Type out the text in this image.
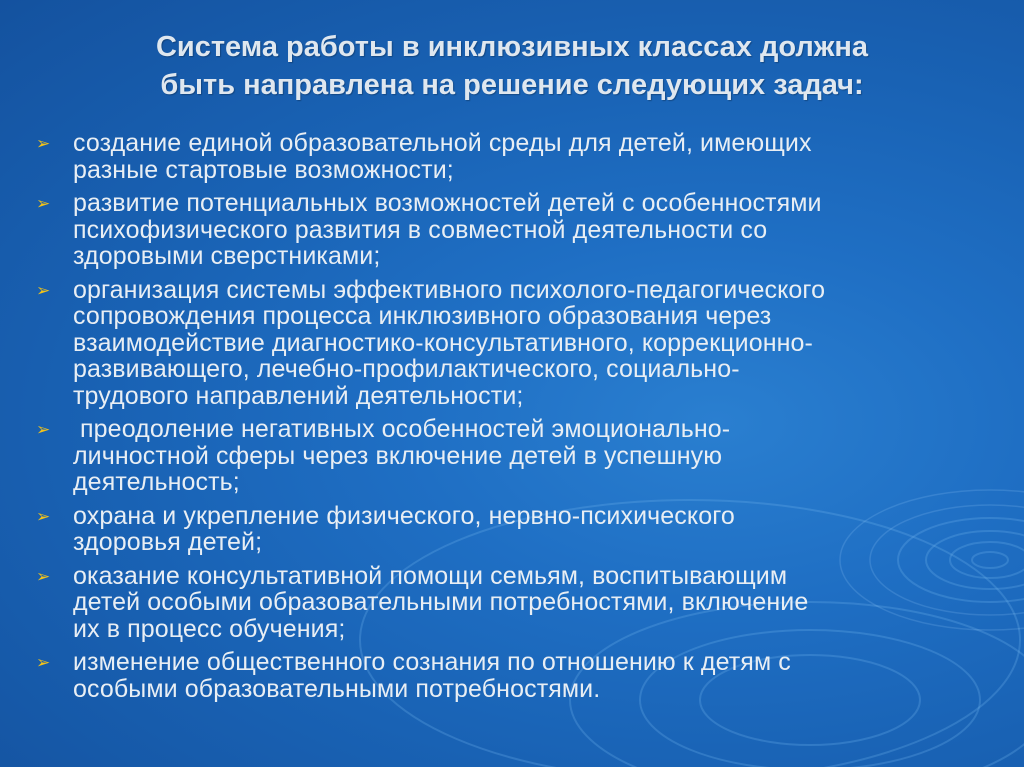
Система работы в инклюзивных классах должна
быть направлена на решение следующих задач:
➢ создание единой образовательной среды для детей, имеющих
разные стартовые возможности;
➢ развитие потенциальных возможностей детей с особенностями
психофизического развития в совместной деятельности со
здоровыми сверстниками;
➢ организация системы эффективного психолого-педагогического
сопровождения процесса инклюзивного образования через
взаимодействие диагностико-консультативного, коррекционно-
развивающего, лечебно-профилактического, социально-
трудового направлений деятельности;
➢ преодоление негативных особенностей эмоционально-
личностной сферы через включение детей в успешную
деятельность;
➢ охрана и укрепление физического, нервно-психического
здоровья детей;
➢ оказание консультативной помощи семьям, воспитывающим
детей особыми образовательными потребностями, включение
их в процесс обучения;
➢ изменение общественного сознания по отношению к детям с
особыми образовательными потребностями.
